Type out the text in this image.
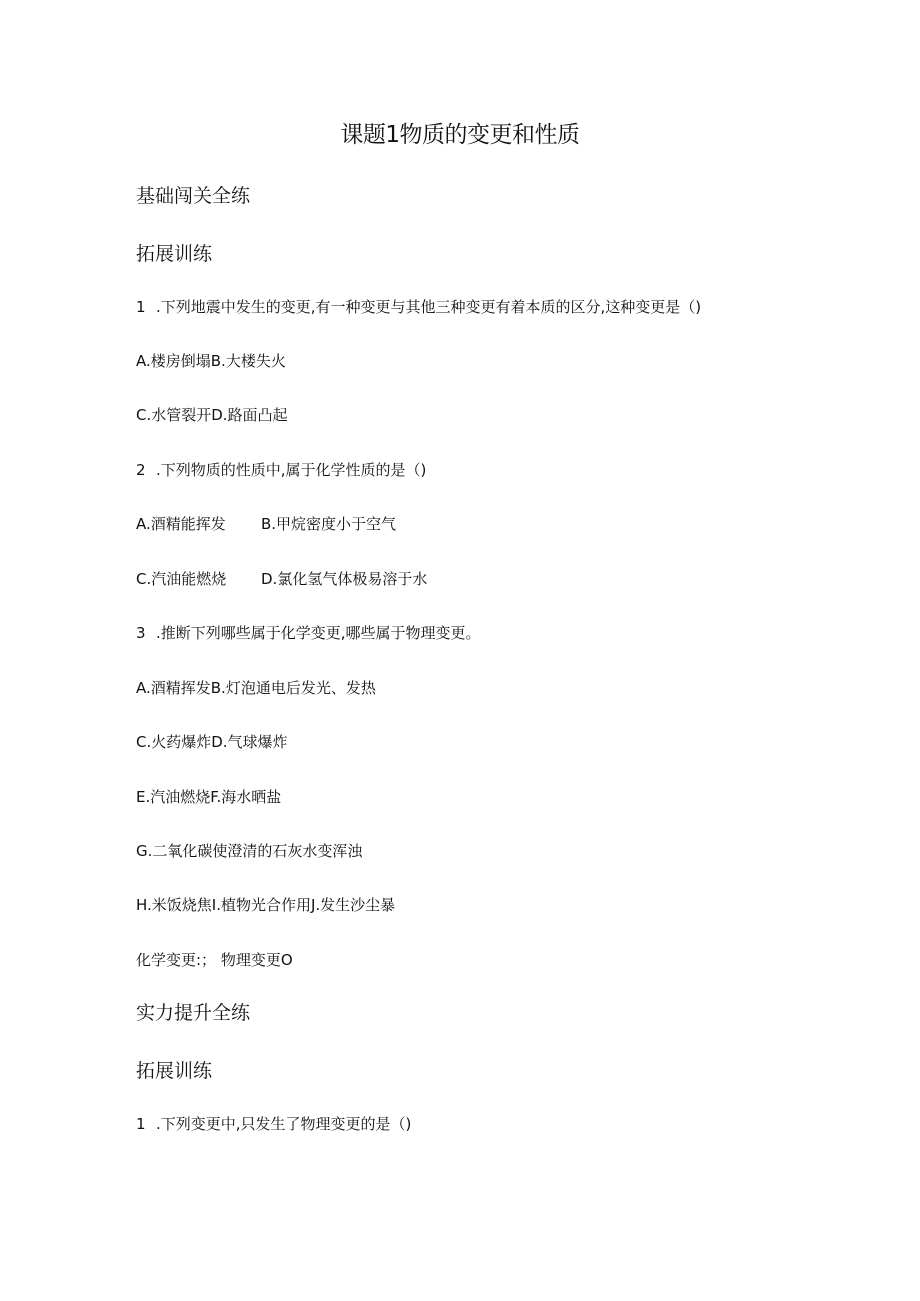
课题1物质的变更和性质
基础闯关全练
拓展训练
1 .下列地震中发生的变更,有一种变更与其他三种变更有着本质的区分,这种变更是（)
A.楼房倒塌B.大楼失火
C.水管裂开D.路面凸起
2 .下列物质的性质中,属于化学性质的是（)
A.酒精能挥发 B.甲烷密度小于空气
C.汽油能燃烧 D.氯化氢气体极易溶于水
3 .推断下列哪些属于化学变更,哪些属于物理变更。
A.酒精挥发B.灯泡通电后发光、发热
C.火药爆炸D.气球爆炸
E.汽油燃烧F.海水晒盐
G.二氧化碳使澄清的石灰水变浑浊
H.米饭烧焦I.植物光合作用J.发生沙尘暴
化学变更:； 物理变更O
实力提升全练
拓展训练
1 .下列变更中,只发生了物理变更的是（)
